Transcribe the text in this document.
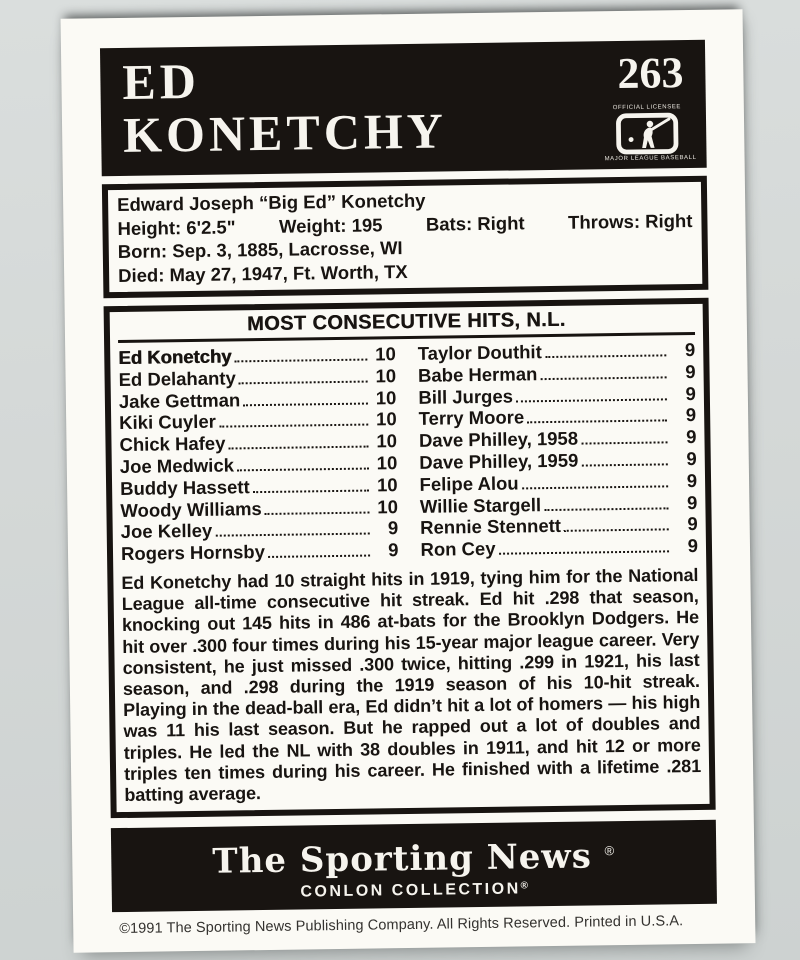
ED
KONETCHY
263
OFFICIAL LICENSEE
MAJOR LEAGUE BASEBALL
Edward Joseph “Big Ed” Konetchy
Height: 6'2.5" Weight: 195 Bats: Right Throws: Right
Born: Sep. 3, 1885, Lacrosse, WI
Died: May 27, 1947, Ft. Worth, TX
MOST CONSECUTIVE HITS, N.L.
Ed Konetchy	10
Ed Delahanty	10
Jake Gettman	10
Kiki Cuyler	10
Chick Hafey	10
Joe Medwick	10
Buddy Hassett	10
Woody Williams	10
Joe Kelley	9
Rogers Hornsby	9
Taylor Douthit	9
Babe Herman	9
Bill Jurges	9
Terry Moore	9
Dave Philley, 1958	9
Dave Philley, 1959	9
Felipe Alou	9
Willie Stargell	9
Rennie Stennett	9
Ron Cey	9
Ed Konetchy had 10 straight hits in 1919, tying him for the National League all-time consecutive hit streak. Ed hit .298 that season, knocking out 145 hits in 486 at-bats for the Brooklyn Dodgers. He hit over .300 four times during his 15-year major league career. Very consistent, he just missed .300 twice, hitting .299 in 1921, his last season, and .298 during the 1919 season of his 10-hit streak. Playing in the dead-ball era, Ed didn’t hit a lot of homers — his high was 11 his last season. But he rapped out a lot of doubles and triples. He led the NL with 38 doubles in 1911, and hit 12 or more triples ten times during his career. He finished with a lifetime .281 batting average.
The Sporting News ®
CONLON COLLECTION®
©1991 The Sporting News Publishing Company. All Rights Reserved. Printed in U.S.A.
